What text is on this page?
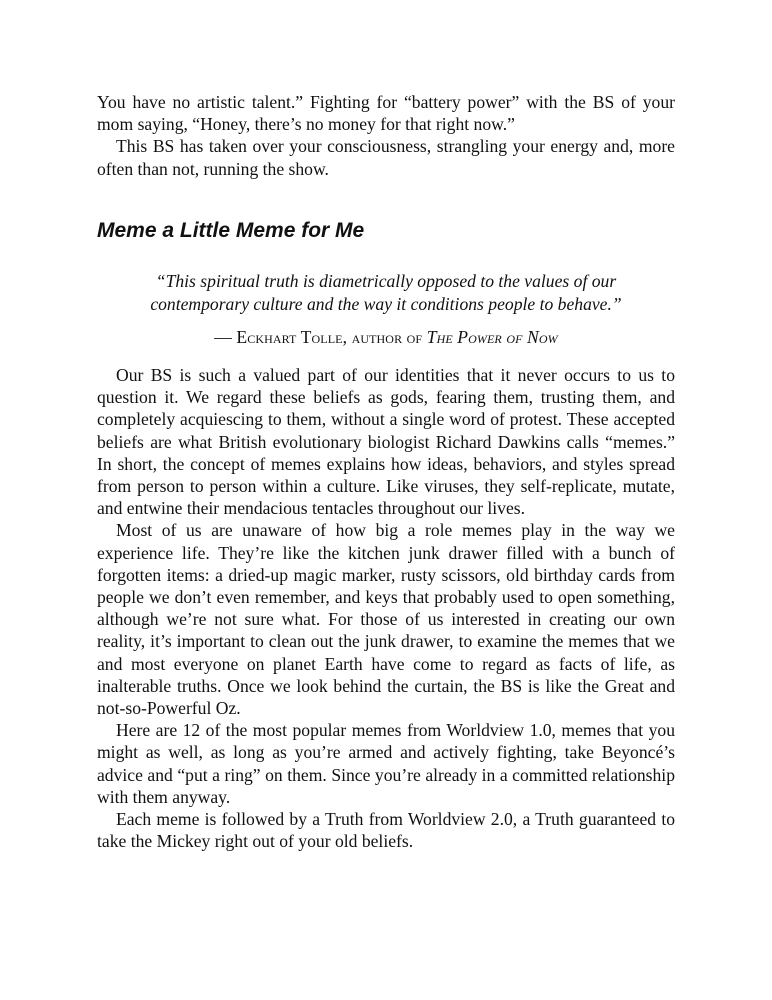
You have no artistic talent.” Fighting for “battery power” with the BS of your mom saying, “Honey, there’s no money for that right now.”

This BS has taken over your consciousness, strangling your energy and, more often than not, running the show.

Meme a Little Meme for Me
“This spiritual truth is diametrically opposed to the values of our
contemporary culture and the way it conditions people to behave.”
— Eckhart Tolle, author of The Power of Now

Our BS is such a valued part of our identities that it never occurs to us to question it. We regard these beliefs as gods, fearing them, trusting them, and completely acquiescing to them, without a single word of protest. These accepted beliefs are what British evolutionary biologist Richard Dawkins calls “memes.” In short, the concept of memes explains how ideas, behaviors, and styles spread from person to person within a culture. Like viruses, they self-replicate, mutate, and entwine their mendacious tentacles throughout our lives.

Most of us are unaware of how big a role memes play in the way we experience life. They’re like the kitchen junk drawer filled with a bunch of forgotten items: a dried-up magic marker, rusty scissors, old birthday cards from people we don’t even remember, and keys that probably used to open something, although we’re not sure what. For those of us interested in creating our own reality, it’s important to clean out the junk drawer, to examine the memes that we and most everyone on planet Earth have come to regard as facts of life, as inalterable truths. Once we look behind the curtain, the BS is like the Great and not-so-Powerful Oz.

Here are 12 of the most popular memes from Worldview 1.0, memes that you might as well, as long as you’re armed and actively fighting, take Beyoncé’s advice and “put a ring” on them. Since you’re already in a committed relationship with them anyway.

Each meme is followed by a Truth from Worldview 2.0, a Truth guaranteed to take the Mickey right out of your old beliefs.
